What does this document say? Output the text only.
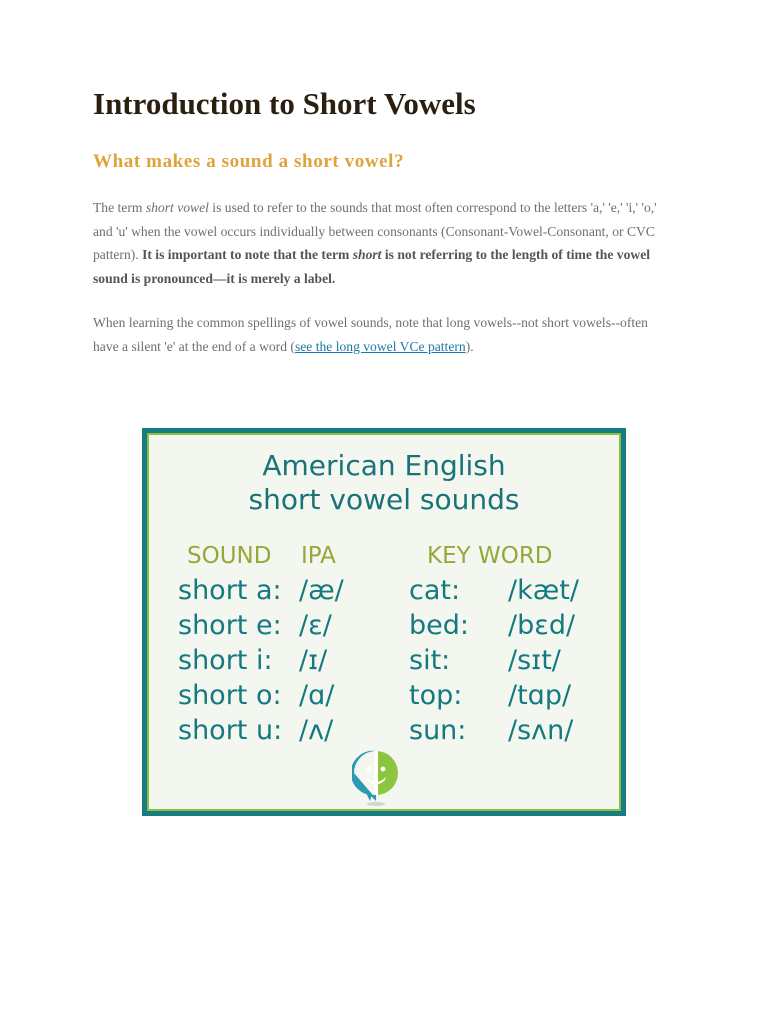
Introduction to Short Vowels
What makes a sound a short vowel?

The term short vowel is used to refer to the sounds that most often correspond to the letters 'a,' 'e,' 'i,' 'o,' and 'u' when the vowel occurs individually between consonants (Consonant-Vowel-Consonant, or CVC pattern). It is important to note that the term short is not referring to the length of time the vowel sound is pronounced—it is merely a label.

When learning the common spellings of vowel sounds, note that long vowels--not short vowels--often have a silent 'e' at the end of a word (see the long vowel VCe pattern).

American English
short vowel sounds
SOUND IPA	KEY WORD
short a: /æ/ cat: /kæt/
short e: /ɛ/	bed: /bɛd/
short i: /ɪ/	sit: /sɪt/
short o: /ɑ/	top: /tɑp/
short u: /ʌ/	sun: /sʌn/
